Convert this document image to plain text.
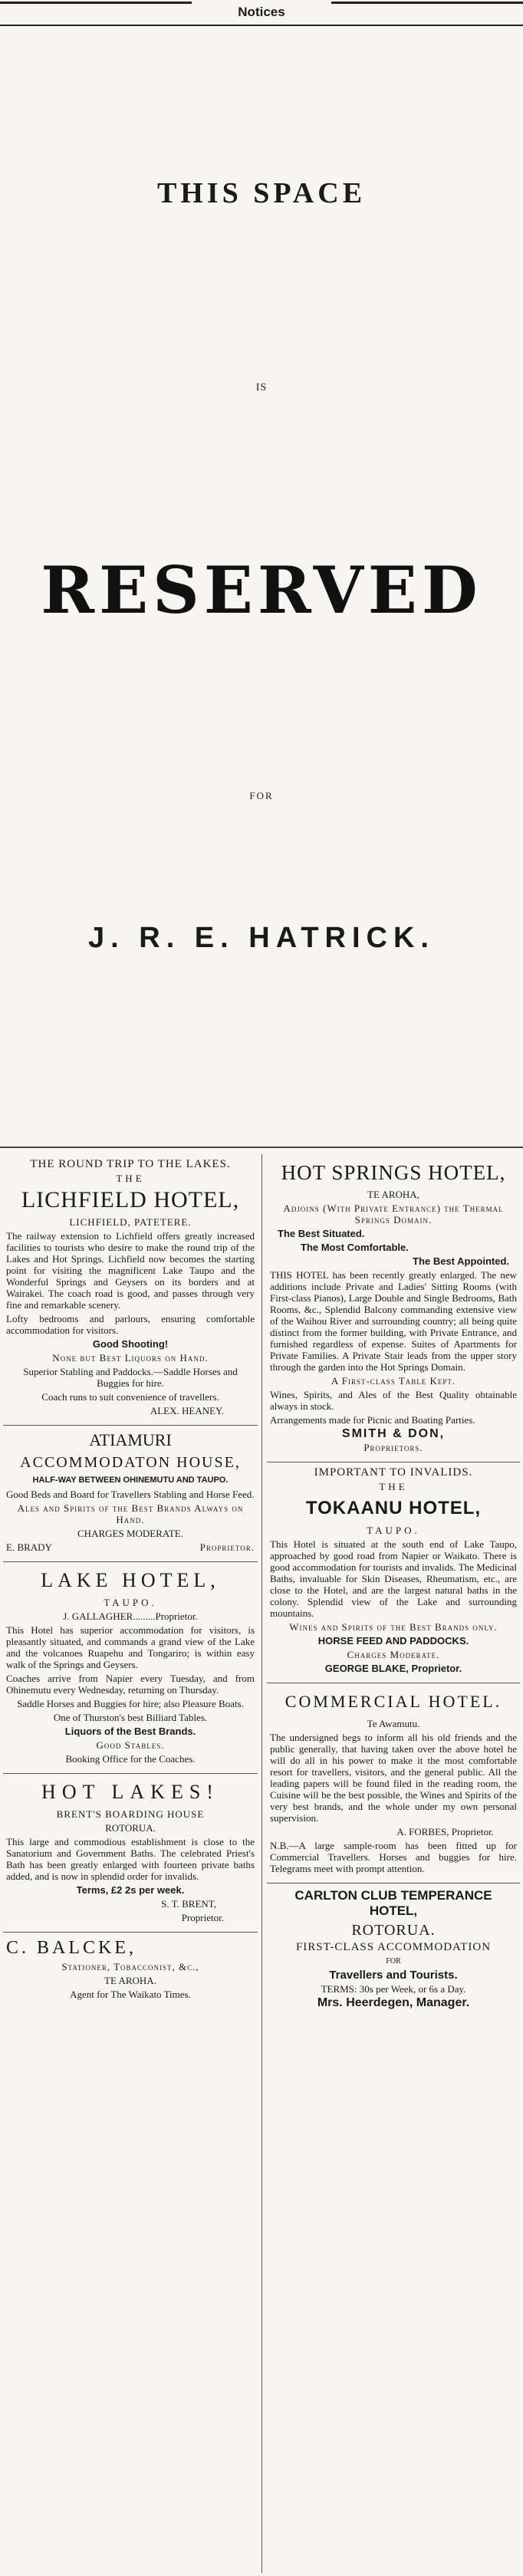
Notices
THIS SPACE
IS
RESERVED
FOR
J. R. E. HATRICK.

THE ROUND TRIP TO THE LAKES.

THE

LICHFIELD HOTEL,

LICHFIELD, PATETERE.

The railway extension to Lichfield offers greatly increased facilities to tourists who desire to make the round trip of the Lakes and Hot Springs. Lichfield now becomes the starting point for visiting the magnificent Lake Taupo and the Wonderful Springs and Geysers on its borders and at Wairakei. The coach road is good, and passes through very fine and remarkable scenery.

Lofty bedrooms and parlours, ensuring comfortable accommodation for visitors.

Good Shooting!

None but Best Liquors on Hand.

Superior Stabling and Paddocks.—Saddle Horses and Buggies for hire.

Coach runs to suit convenience of travellers.

ALEX. HEANEY.

ATIAMURI

ACCOMMODATON HOUSE,

HALF-WAY BETWEEN OHINEMUTU AND TAUPO.

Good Beds and Board for Travellers Stabling and Horse Feed.

Ales and Spirits of the Best Brands Always on Hand.

CHARGES MODERATE.

E. BRADY	Proprietor.

LAKE HOTEL,

TAUPO.

J. GALLAGHER.........Proprietor.

This Hotel has superior accommodation for visitors, is pleasantly situated, and commands a grand view of the Lake and the volcanoes Ruapehu and Tongariro; is within easy walk of the Springs and Geysers.

Coaches arrive from Napier every Tuesday, and from Ohinemutu every Wednesday, returning on Thursday.

Saddle Horses and Buggies for hire; also Pleasure Boats.

One of Thurston's best Billiard Tables.

Liquors of the Best Brands.

Good Stables.

Booking Office for the Coaches.

HOT LAKES!

BRENT'S BOARDING HOUSE

ROTORUA.

This large and commodious establishment is close to the Sanatorium and Government Baths. The celebrated Priest's Bath has been greatly enlarged with fourteen private baths added, and is now in splendid order for invalids.

Terms, £2 2s per week.

S. T. BRENT,

Proprietor.

C. BALCKE,

Stationer, Tobacconist, &c.,

TE AROHA.

Agent for The Waikato Times.

HOT SPRINGS HOTEL,

TE AROHA,

Adjoins (With Private Entrance) the Thermal Springs Domain.

The Best Situated.

The Most Comfortable.

The Best Appointed.

THIS HOTEL has been recently greatly enlarged. The new additions include Private and Ladies' Sitting Rooms (with First-class Pianos), Large Double and Single Bedrooms, Bath Rooms, &c., Splendid Balcony commanding extensive view of the Waihou River and surrounding country; all being quite distinct from the former building, with Private Entrance, and furnished regardless of expense. Suites of Apartments for Private Families. A Private Stair leads from the upper story through the garden into the Hot Springs Domain.

A First-class Table Kept.

Wines, Spirits, and Ales of the Best Quality obtainable always in stock.

Arrangements made for Picnic and Boating Parties.

SMITH & DON,

Proprietors.

IMPORTANT TO INVALIDS.

THE

TOKAANU HOTEL,

TAUPO.

This Hotel is situated at the south end of Lake Taupo, approached by good road from Napier or Waikato. There is good accommodation for tourists and invalids. The Medicinal Baths, invaluable for Skin Diseases, Rheumatism, etc., are close to the Hotel, and are the largest natural baths in the colony. Splendid view of the Lake and surrounding mountains.

Wines and Spirits of the Best Brands only.

HORSE FEED AND PADDOCKS.

Charges Moderate.

GEORGE BLAKE, Proprietor.

COMMERCIAL HOTEL.

Te Awamutu.

The undersigned begs to inform all his old friends and the public generally, that having taken over the above hotel he will do all in his power to make it the most comfortable resort for travellers, visitors, and the general public. All the leading papers will be found filed in the reading room, the Cuisine will be the best possible, the Wines and Spirits of the very best brands, and the whole under my own personal supervision.

A. FORBES, Proprietor.

N.B.—A large sample-room has been fitted up for Commercial Travellers. Horses and buggies for hire. Telegrams meet with prompt attention.

CARLTON CLUB TEMPERANCE HOTEL,

ROTORUA.

FIRST-CLASS ACCOMMODATION

FOR

Travellers and Tourists.

TERMS: 30s per Week, or 6s a Day.

Mrs. Heerdegen, Manager.
